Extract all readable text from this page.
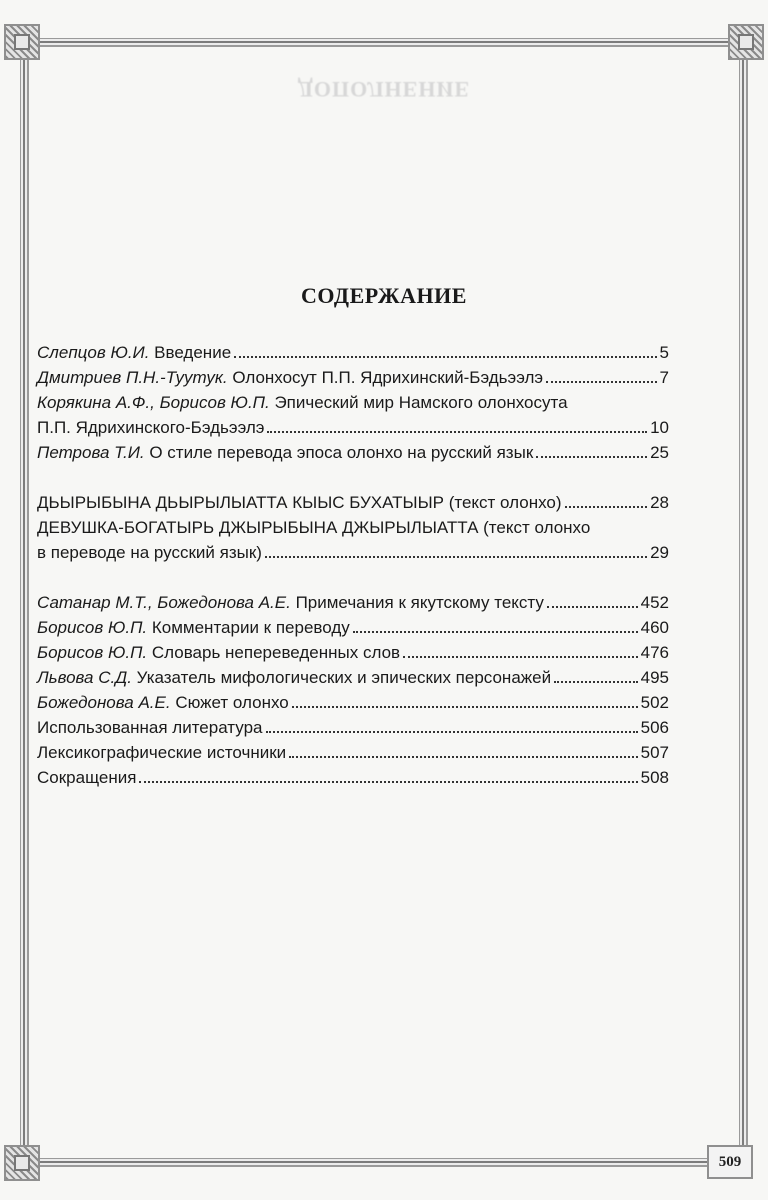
509
ДОПОЛНЕНИЕ
СОДЕРЖАНИЕ
Слепцов Ю.И.
Введение	5
Дмитриев П.Н.-Туутук.
Олонхосут П.П. Ядрихинский-Бэдьээлэ	7
Корякина А.Ф., Борисов Ю.П.
Эпический мир Намского олонхосута
П.П. Ядрихинского-Бэдьээлэ	10
Петрова Т.И.
О стиле перевода эпоса олонхо на русский язык	25
ДЬЫРЫБЫНА ДЬЫРЫЛЫАТТА КЫЫС БУХАТЫЫР (текст олонхо)	28
ДЕВУШКА-БОГАТЫРЬ ДЖЫРЫБЫНА ДЖЫРЫЛЫАТТА (текст олонхо
в переводе на русский язык)	29
Сатанар М.Т., Божедонова А.Е.
Примечания к якутскому тексту	452
Борисов Ю.П.
Комментарии к переводу	460
Борисов Ю.П.
Словарь непереведенных слов	476
Львова С.Д.
Указатель мифологических и эпических персонажей	495
Божедонова А.Е.
Сюжет олонхо	502
Использованная литература	506
Лексикографические источники	507
Сокращения	508
